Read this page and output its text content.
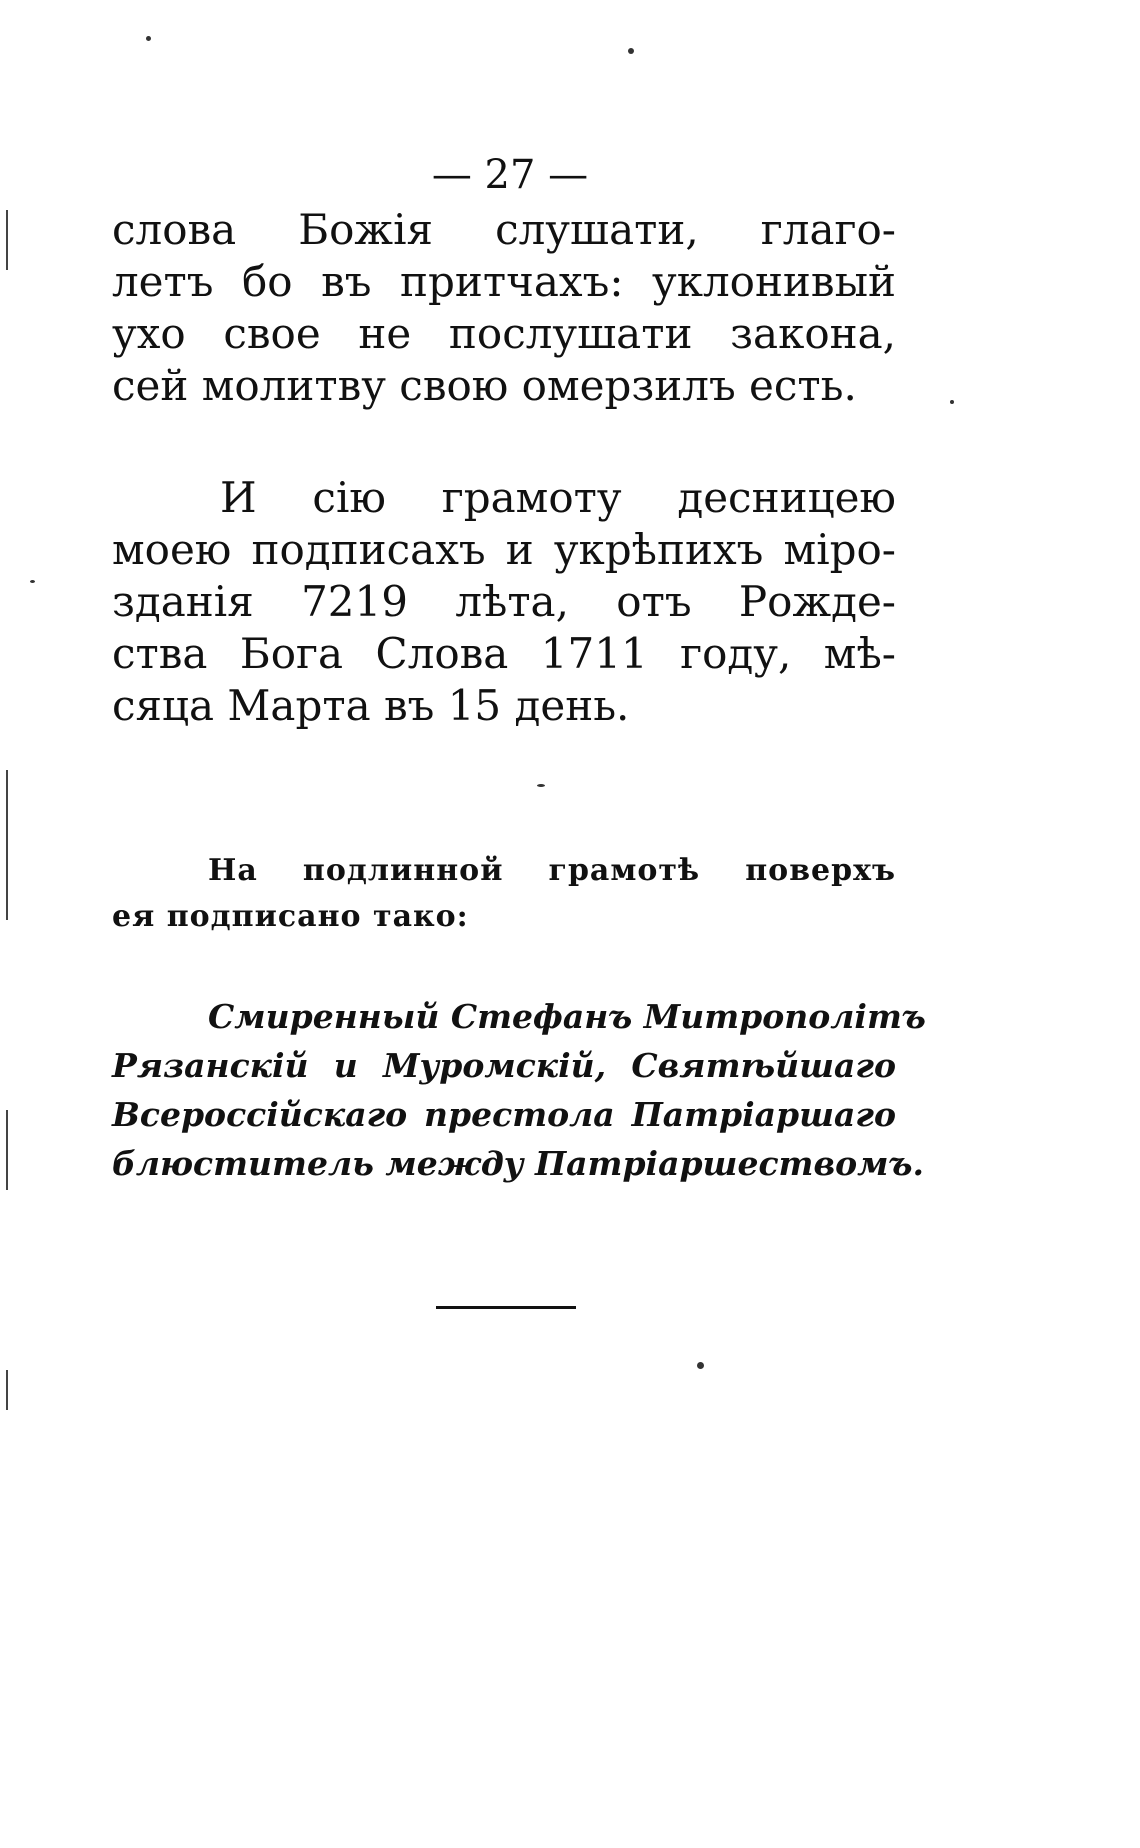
— 27 —
слова Божія слушати, глаго-
летъ бо въ притчахъ: уклонивый
ухо свое не послушати закона,
сей молитву свою омерзилъ есть.
И сію грамоту десницею
моею подписахъ и укрѣпихъ міро-
зданія 7219 лѣта, отъ Рожде-
ства Бога Слова 1711 году, мѣ-
сяца Марта въ 15 день.
На подлинной грамотѣ поверхъ
ея подписано тако:
Смиренный Стефанъ Митрополітъ
Рязанскій и Муромскій, Святѣйшаго
Всероссійскаго престола Патріаршаго
блюститель между Патріаршествомъ.
